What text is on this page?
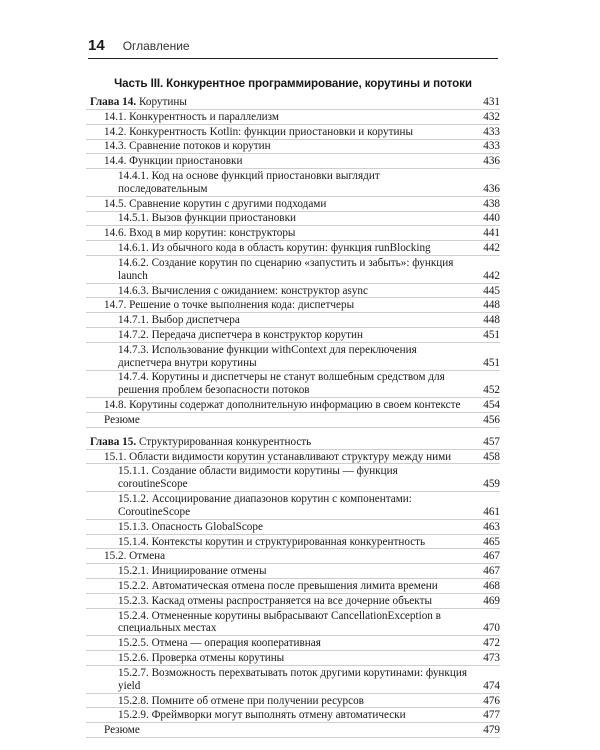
14 Оглавление
Часть III. Конкурентное программирование, корутины и потоки
Глава 14. Корутины	431
14.1. Конкурентность и параллелизм	432
14.2. Конкурентность Kotlin: функции приостановки и корутины	433
14.3. Сравнение потоков и корутин	433
14.4. Функции приостановки	436
14.4.1. Код на основе функций приостановки выглядит последовательным	436
14.5. Сравнение корутин с другими подходами	438
14.5.1. Вызов функции приостановки	440
14.6. Вход в мир корутин: конструкторы	441
14.6.1. Из обычного кода в область корутин: функция runBlocking	442
14.6.2. Создание корутин по сценарию «запустить и забыть»: функция launch	442
14.6.3. Вычисления с ожиданием: конструктор async	445
14.7. Решение о точке выполнения кода: диспетчеры	448
14.7.1. Выбор диспетчера	448
14.7.2. Передача диспетчера в конструктор корутин	451
14.7.3. Использование функции withContext для переключения диспетчера внутри корутины	451
14.7.4. Корутины и диспетчеры не станут волшебным средством для решения проблем безопасности потоков	452
14.8. Корутины содержат дополнительную информацию в своем контексте	454
Резюме	456
Глава 15. Структурированная конкурентность	457
15.1. Области видимости корутин устанавливают структуру между ними	458
15.1.1. Создание области видимости корутины — функция coroutineScope	459
15.1.2. Ассоциирование диапазонов корутин с компонентами: CoroutineScope	461
15.1.3. Опасность GlobalScope	463
15.1.4. Контексты корутин и структурированная конкурентность	465
15.2. Отмена	467
15.2.1. Инициирование отмены	467
15.2.2. Автоматическая отмена после превышения лимита времени	468
15.2.3. Каскад отмены распространяется на все дочерние объекты	469
15.2.4. Отмененные корутины выбрасывают CancellationException в специальных местах	470
15.2.5. Отмена — операция кооперативная	472
15.2.6. Проверка отмены корутины	473
15.2.7. Возможность перехватывать поток другими корутинами: функция yield	474
15.2.8. Помните об отмене при получении ресурсов	476
15.2.9. Фреймворки могут выполнять отмену автоматически	477
Резюме	479
